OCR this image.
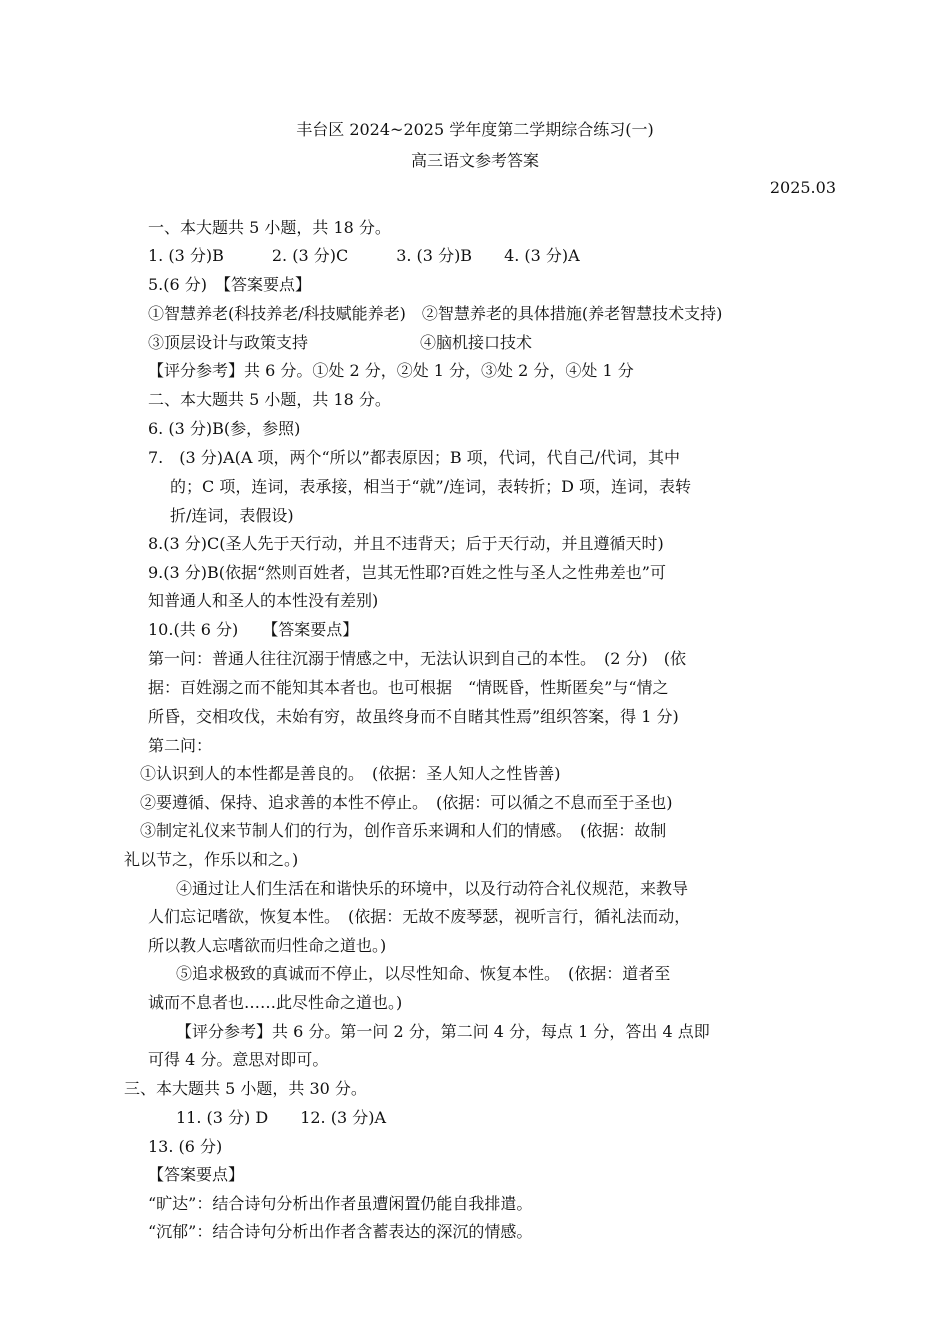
丰台区 2024~2025 学年度第二学期综合练习(一)
高三语文参考答案
2025.03
一、本大题共 5 小题，共 18 分。
1. (3 分)B　　　2. (3 分)C　　　3. (3 分)B　　4. (3 分)A
5.(6 分)　【答案要点】
①智慧养老(科技养老/科技赋能养老)　②智慧养老的具体措施(养老智慧技术支持)
③顶层设计与政策支持　　　　　　　④脑机接口技术
【评分参考】共 6 分。①处 2 分，②处 1 分，③处 2 分，④处 1 分
二、本大题共 5 小题，共 18 分。
6. (3 分)B(参，参照)
7.　(3 分)A(A 项，两个“所以”都表原因；B 项，代词，代自己/代词，其中
的；C 项，连词，表承接，相当于“就”/连词，表转折；D 项，连词，表转
折/连词，表假设)
8.(3 分)C(圣人先于天行动，并且不违背天；后于天行动，并且遵循天时)
9.(3 分)B(依据“然则百姓者，岂其无性耶?百姓之性与圣人之性弗差也”可
知普通人和圣人的本性没有差别)
10.(共 6 分)　　【答案要点】
第一问：普通人往往沉溺于情感之中，无法认识到自己的本性。　(2 分)　(依
据：百姓溺之而不能知其本者也。也可根据　“情既昏，性斯匿矣”与“情之
所昏，交相攻伐，未始有穷，故虽终身而不自睹其性焉”组织答案，得 1 分)
第二问：
①认识到人的本性都是善良的。　(依据：圣人知人之性皆善)
②要遵循、保持、追求善的本性不停止。　(依据：可以循之不息而至于圣也)
③制定礼仪来节制人们的行为，创作音乐来调和人们的情感。　(依据：故制
礼以节之，作乐以和之。)
④通过让人们生活在和谐快乐的环境中，以及行动符合礼仪规范，来教导
人们忘记嗜欲，恢复本性。　(依据：无故不废琴瑟，视听言行，循礼法而动，
所以教人忘嗜欲而归性命之道也。)
⑤追求极致的真诚而不停止，以尽性知命、恢复本性。　(依据：道者至
诚而不息者也……此尽性命之道也。)
【评分参考】共 6 分。第一问 2 分，第二问 4 分，每点 1 分，答出 4 点即
可得 4 分。意思对即可。
三、本大题共 5 小题，共 30 分。
11. (3 分) D　　12. (3 分)A
13. (6 分)
【答案要点】
“旷达”：结合诗句分析出作者虽遭闲置仍能自我排遣。
“沉郁”：结合诗句分析出作者含蓄表达的深沉的情感。
